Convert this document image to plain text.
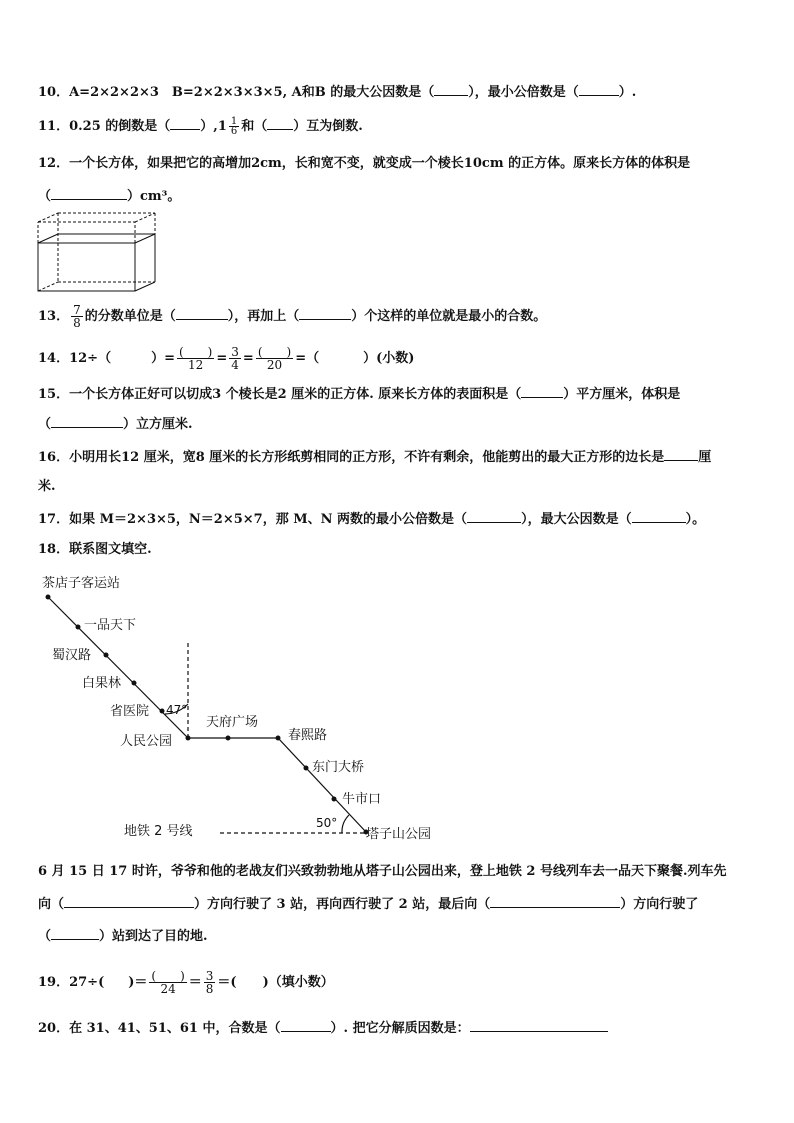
10．A=2×2×2×3　B=2×2×3×3×5, A和B 的最大公因数是（	），最小公倍数是（	）.
11．0.25 的倒数是（ ）$,1 \frac{1}{6}$ 和（ ）互为倒数.
12．一个长方体，如果把它的高增加2cm，长和宽不变，就变成一个棱长10cm 的正方体。原来长方体的体积是
（	）cm³。
13． $\frac{7}{8}$ 的分数单位是（	），再加上（	）个这样的单位就是最小的合数。
14．12÷（	）= $\frac{( )}{12} = \frac{3}{4} = \frac{( )}{20}$ =（	）(小数)
15．一个长方体正好可以切成3 个棱长是2 厘米的正方体. 原来长方体的表面积是（	）平方厘米，体积是
（	）立方厘米.
16．小明用长12 厘米，宽8 厘米的长方形纸剪相同的正方形，不许有剩余，他能剪出的最大正方形的边长是	厘
米.
17．如果 M＝2×3×5，N＝2×5×7，那 M、N 两数的最小公倍数是（	），最大公因数是（	）。
18．联系图文填空.
茶店子客运站
一品天下
蜀汉路
白果林
省医院
人民公园
天府广场
春熙路
东门大桥
牛市口
塔子山公园
47°
50°
地铁 2 号线
6 月 15 日 17 时许，爷爷和他的老战友们兴致勃勃地从塔子山公园出来，登上地铁 2 号线列车去一品天下聚餐.列车先
向（	）方向行驶了 3 站，再向西行驶了 2 站，最后向（	）方向行驶了
（	）站到达了目的地.
19．27÷( )＝ $\frac{( )}{24} = \frac{3}{8}$ ＝( )（填小数）
20．在 31、41、51、61 中，合数是（	）. 把它分解质因数是：
